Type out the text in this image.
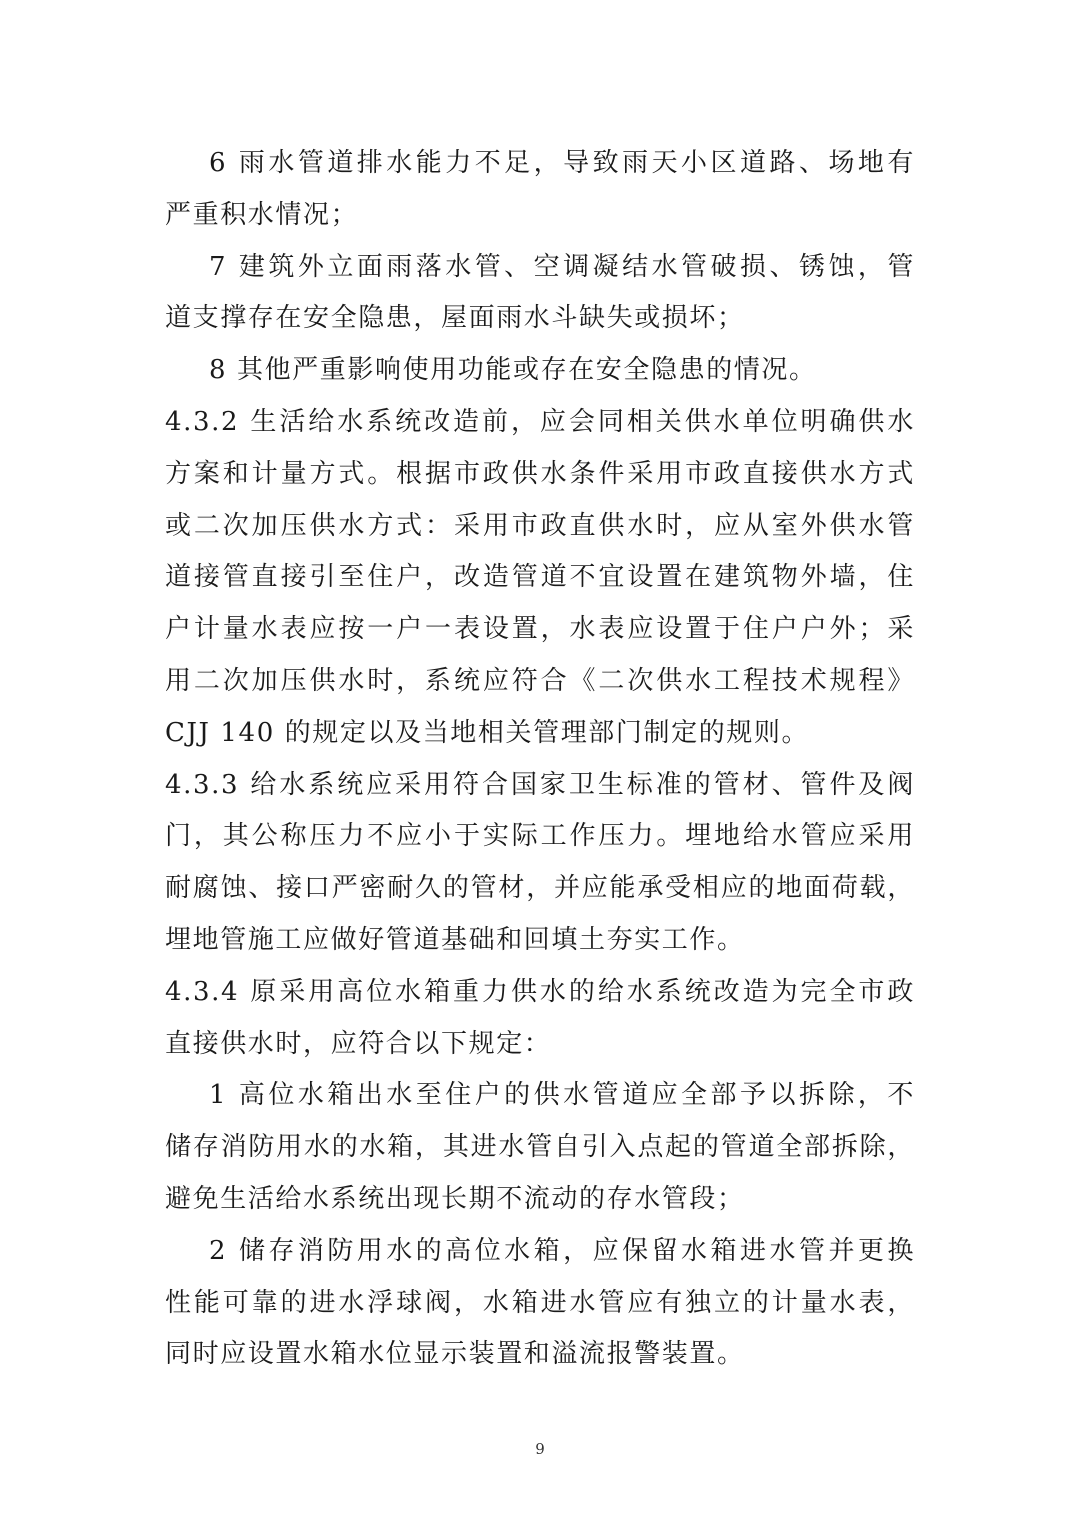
6 雨水管道排水能力不足，导致雨天小区道路、场地有
严重积水情况；
7 建筑外立面雨落水管、空调凝结水管破损、锈蚀，管
道支撑存在安全隐患，屋面雨水斗缺失或损坏；
8 其他严重影响使用功能或存在安全隐患的情况。
4.3.2 生活给水系统改造前，应会同相关供水单位明确供水
方案和计量方式。根据市政供水条件采用市政直接供水方式
或二次加压供水方式：采用市政直供水时，应从室外供水管
道接管直接引至住户，改造管道不宜设置在建筑物外墙，住
户计量水表应按一户一表设置，水表应设置于住户户外；采
用二次加压供水时，系统应符合《二次供水工程技术规程》
CJJ 140 的规定以及当地相关管理部门制定的规则。
4.3.3 给水系统应采用符合国家卫生标准的管材、管件及阀
门，其公称压力不应小于实际工作压力。埋地给水管应采用
耐腐蚀、接口严密耐久的管材，并应能承受相应的地面荷载，
埋地管施工应做好管道基础和回填土夯实工作。
4.3.4 原采用高位水箱重力供水的给水系统改造为完全市政
直接供水时，应符合以下规定：
1 高位水箱出水至住户的供水管道应全部予以拆除，不
储存消防用水的水箱，其进水管自引入点起的管道全部拆除，
避免生活给水系统出现长期不流动的存水管段；
2 储存消防用水的高位水箱，应保留水箱进水管并更换
性能可靠的进水浮球阀，水箱进水管应有独立的计量水表，
同时应设置水箱水位显示装置和溢流报警装置。
9
